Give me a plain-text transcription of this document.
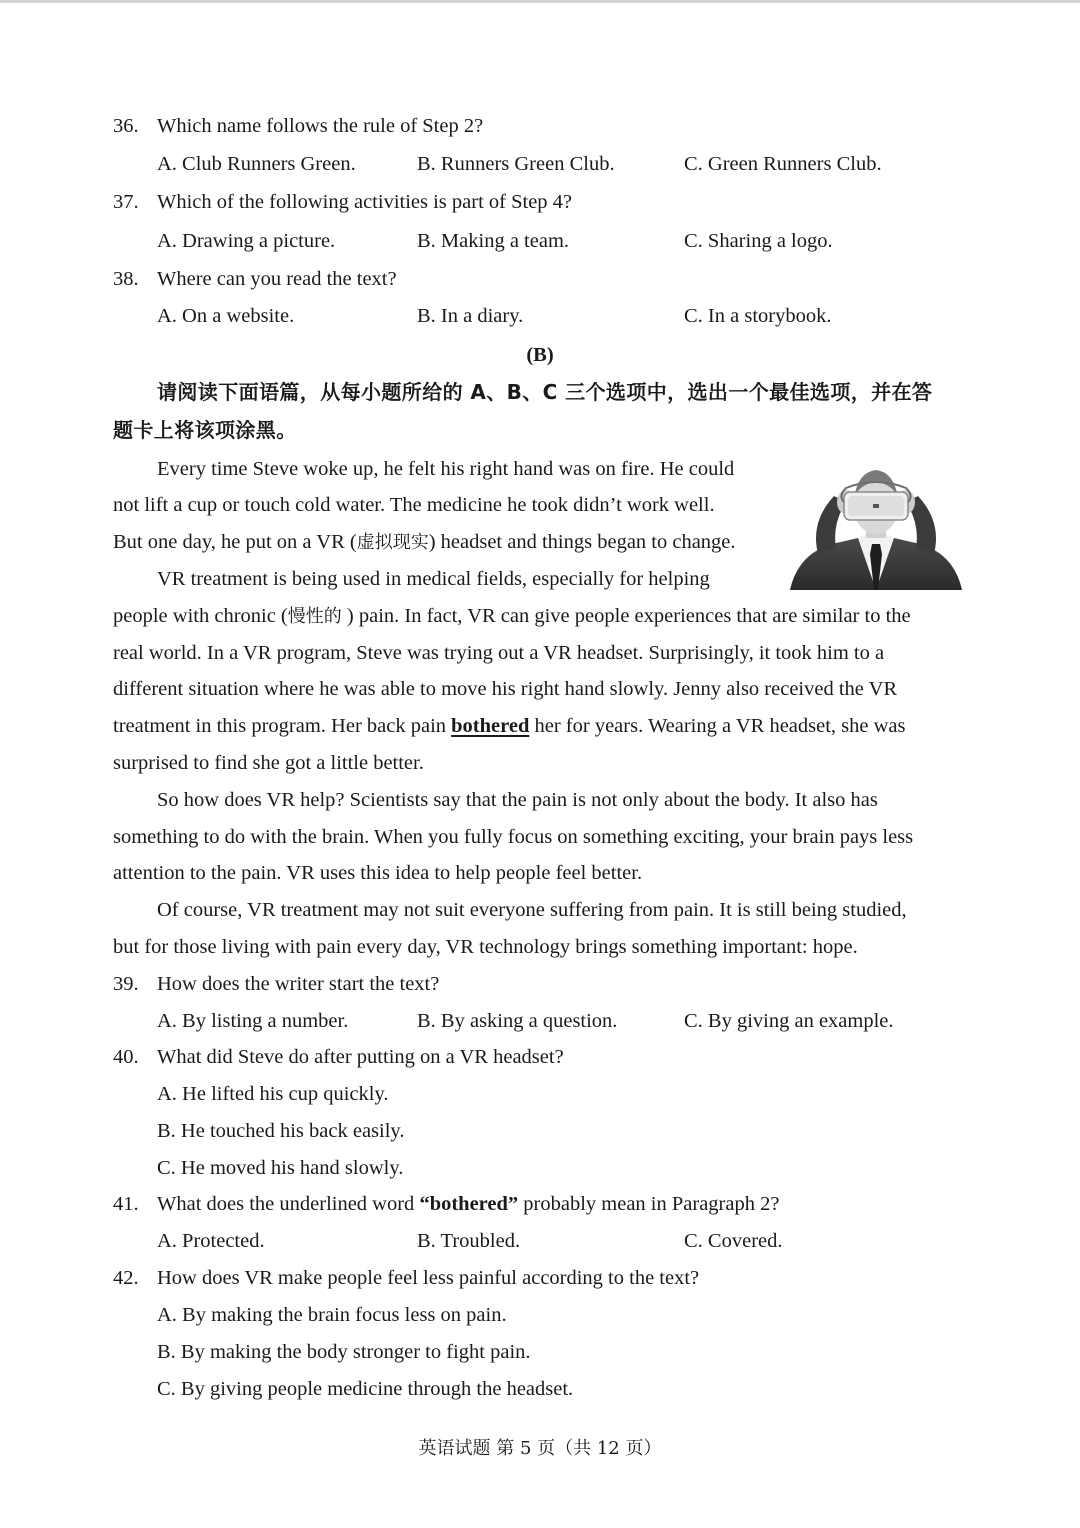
36. Which name follows the rule of Step 2?
A. Club Runners Green.	B. Runners Green Club.	C. Green Runners Club.
37. Which of the following activities is part of Step 4?
A. Drawing a picture.	B. Making a team.	C. Sharing a logo.
38. Where can you read the text?
A. On a website.	B. In a diary.	C. In a storybook.
(B)
请阅读下面语篇，从每小题所给的 A、B、C 三个选项中，选出一个最佳选项，并在答
题卡上将该项涂黑。
Every time Steve woke up, he felt his right hand was on fire. He could
not lift a cup or touch cold water. The medicine he took didn’t work well.
But one day, he put on a VR (虚拟现实) headset and things began to change.
VR treatment is being used in medical fields, especially for helping
people with chronic (慢性的 ) pain. In fact, VR can give people experiences that are similar to the
real world. In a VR program, Steve was trying out a VR headset. Surprisingly, it took him to a
different situation where he was able to move his right hand slowly. Jenny also received the VR
treatment in this program. Her back pain bothered her for years. Wearing a VR headset, she was
surprised to find she got a little better.
So how does VR help? Scientists say that the pain is not only about the body. It also has
something to do with the brain. When you fully focus on something exciting, your brain pays less
attention to the pain. VR uses this idea to help people feel better.
Of course, VR treatment may not suit everyone suffering from pain. It is still being studied,
but for those living with pain every day, VR technology brings something important: hope.
39. How does the writer start the text?
A. By listing a number.	B. By asking a question.	C. By giving an example.
40. What did Steve do after putting on a VR headset?
A. He lifted his cup quickly.
B. He touched his back easily.
C. He moved his hand slowly.
41. What does the underlined word “bothered” probably mean in Paragraph 2?
A. Protected.	B. Troubled.	C. Covered.
42. How does VR make people feel less painful according to the text?
A. By making the brain focus less on pain.
B. By making the body stronger to fight pain.
C. By giving people medicine through the headset.
英语试题 第 5 页（共 12 页）
